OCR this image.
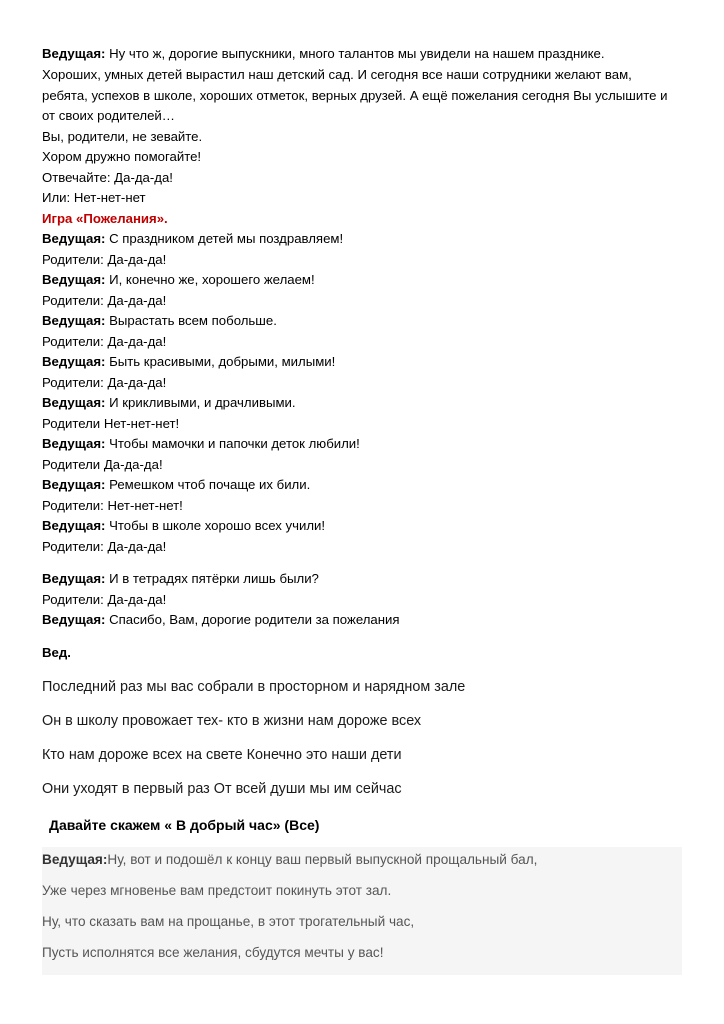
Ведущая: Ну что ж, дорогие выпускники, много талантов мы увидели на нашем празднике.
Хороших, умных детей вырастил наш детский сад. И сегодня все наши сотрудники желают вам,
ребята, успехов в школе, хороших отметок, верных друзей. А ещё пожелания сегодня Вы услышите и
от своих родителей…
Вы, родители, не зевайте.
Хором дружно помогайте!
Отвечайте: Да-да-да!
Или: Нет-нет-нет
Игра «Пожелания».
Ведущая: С праздником детей мы поздравляем!
Родители: Да-да-да!
Ведущая: И, конечно же, хорошего желаем!
Родители: Да-да-да!
Ведущая: Вырастать всем побольше.
Родители: Да-да-да!
Ведущая: Быть красивыми, добрыми, милыми!
Родители: Да-да-да!
Ведущая: И крикливыми, и драчливыми.
Родители Нет-нет-нет!
Ведущая: Чтобы мамочки и папочки деток любили!
Родители Да-да-да!
Ведущая: Ремешком чтоб почаще их били.
Родители: Нет-нет-нет!
Ведущая: Чтобы в школе хорошо всех учили!
Родители: Да-да-да!
Ведущая: И в тетрадях пятёрки лишь были?
Родители: Да-да-да!
Ведущая: Спасибо, Вам, дорогие родители за пожелания
Вед.
Последний раз мы вас собрали в просторном и нарядном зале
Он в школу провожает тех- кто в жизни нам дороже всех
Кто нам дороже всех на свете Конечно это наши дети
Они уходят в первый раз От всей души мы им сейчас
Давайте скажем « В добрый час» (Все)
Ведущая:Ну, вот и подошёл к концу ваш первый выпускной прощальный бал,
Уже через мгновенье вам предстоит покинуть этот зал.
Ну, что сказать вам на прощанье, в этот трогательный час,
Пусть исполнятся все желания, сбудутся мечты у вас!
